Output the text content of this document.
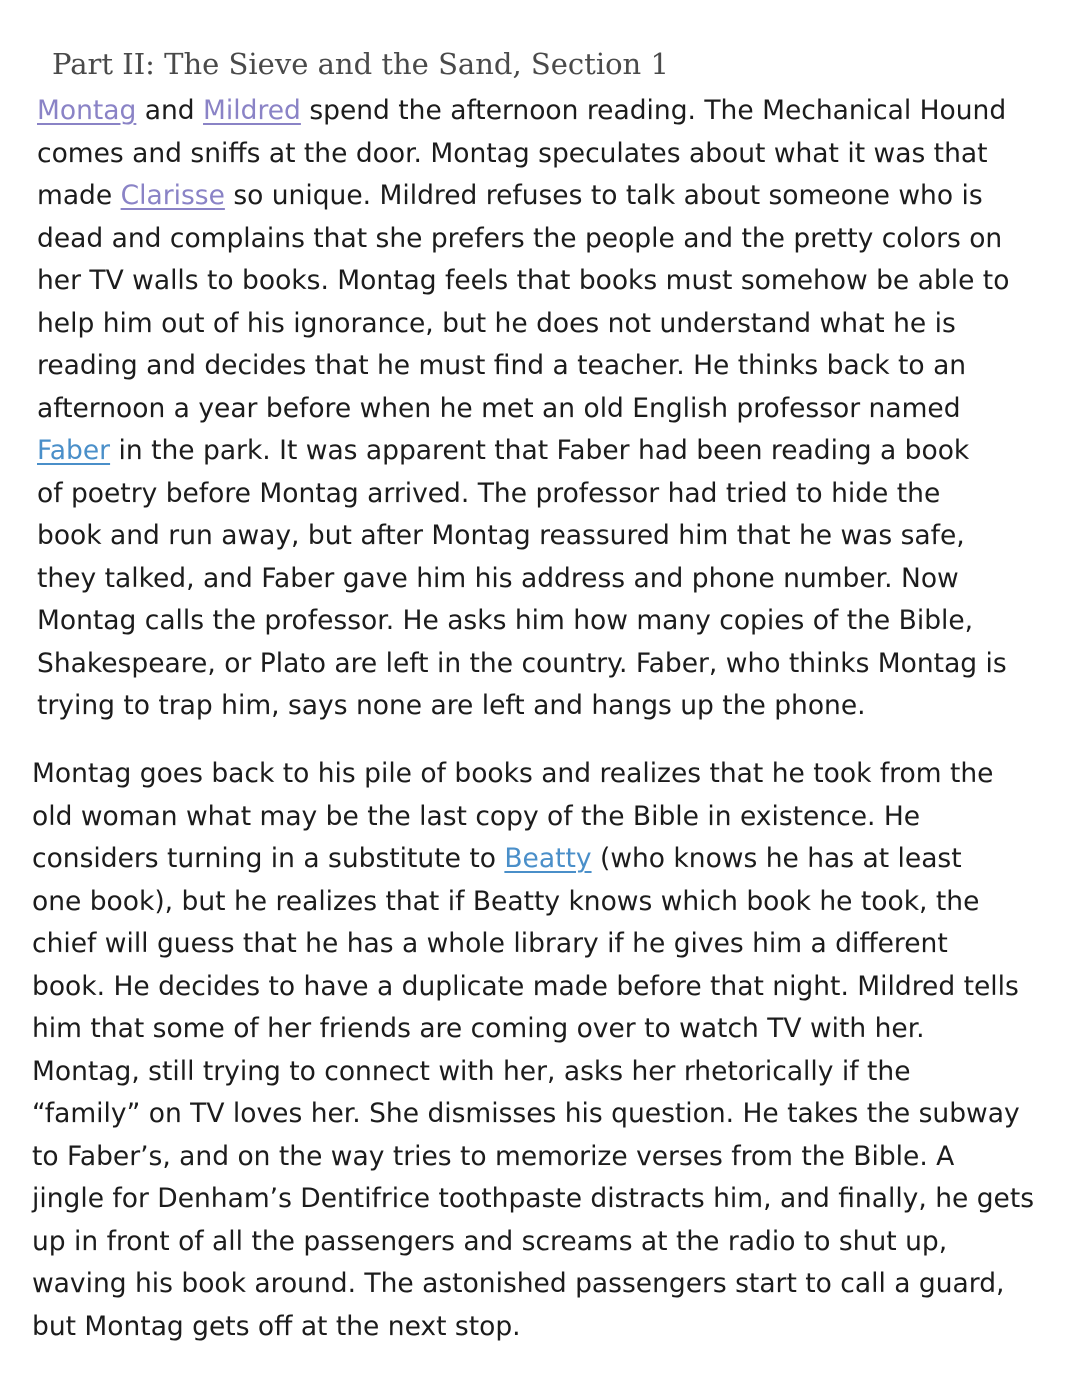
Part II: The Sieve and the Sand, Section 1

Montag and Mildred spend the afternoon reading. The Mechanical Hound
comes and sniffs at the door. Montag speculates about what it was that
made Clarisse so unique. Mildred refuses to talk about someone who is
dead and complains that she prefers the people and the pretty colors on
her TV walls to books. Montag feels that books must somehow be able to
help him out of his ignorance, but he does not understand what he is
reading and decides that he must find a teacher. He thinks back to an
afternoon a year before when he met an old English professor named
Faber in the park. It was apparent that Faber had been reading a book
of poetry before Montag arrived. The professor had tried to hide the
book and run away, but after Montag reassured him that he was safe,
they talked, and Faber gave him his address and phone number. Now
Montag calls the professor. He asks him how many copies of the Bible,
Shakespeare, or Plato are left in the country. Faber, who thinks Montag is
trying to trap him, says none are left and hangs up the phone.

Montag goes back to his pile of books and realizes that he took from the
old woman what may be the last copy of the Bible in existence. He
considers turning in a substitute to Beatty (who knows he has at least
one book), but he realizes that if Beatty knows which book he took, the
chief will guess that he has a whole library if he gives him a different
book. He decides to have a duplicate made before that night. Mildred tells
him that some of her friends are coming over to watch TV with her.
Montag, still trying to connect with her, asks her rhetorically if the
“family” on TV loves her. She dismisses his question. He takes the subway
to Faber’s, and on the way tries to memorize verses from the Bible. A
jingle for Denham’s Dentifrice toothpaste distracts him, and finally, he gets
up in front of all the passengers and screams at the radio to shut up,
waving his book around. The astonished passengers start to call a guard,
but Montag gets off at the next stop.
